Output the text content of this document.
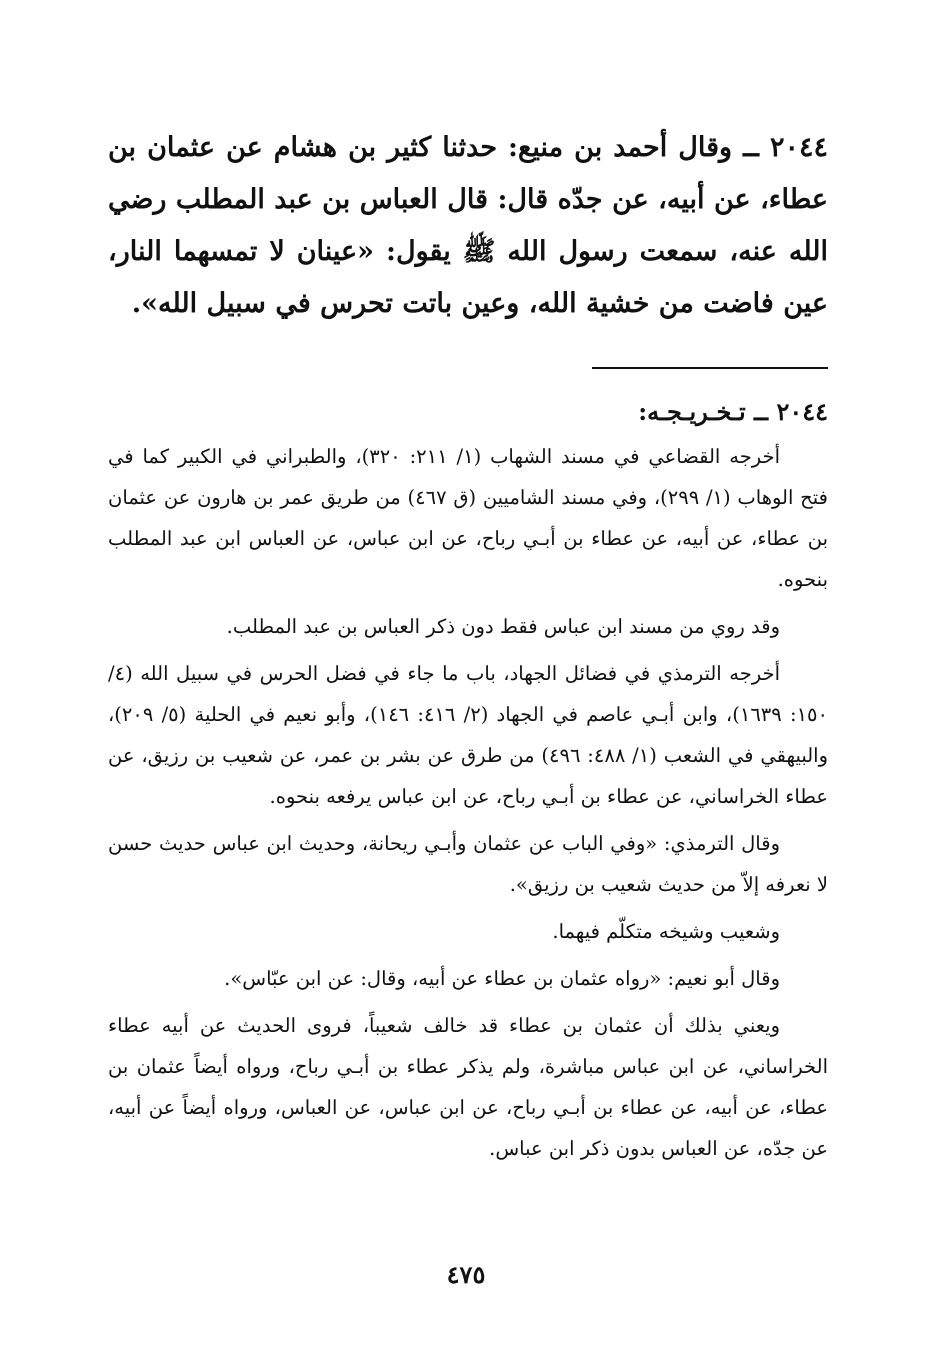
٢٠٤٤ ــ وقال أحمد بن منيع: حدثنا كثير بن هشام عن عثمان بن عطاء، عن أبيه، عن جدّه قال: قال العباس بن عبد المطلب رضي الله عنه، سمعت رسول الله ﷺ يقول: «عينان لا تمسهما النار، عين فاضت من خشية الله، وعين باتت تحرس في سبيل الله».

٢٠٤٤ ــ تـخـريـجـه:

أخرجه القضاعي في مسند الشهاب (١/ ٢١١: ٣٢٠)، والطبراني في الكبير كما في فتح الوهاب (١/ ٢٩٩)، وفي مسند الشاميين (ق ٤٦٧) من طريق عمر بن هارون عن عثمان بن عطاء، عن أبيه، عن عطاء بن أبـي رباح، عن ابن عباس، عن العباس ابن عبد المطلب بنحوه.

وقد روي من مسند ابن عباس فقط دون ذكر العباس بن عبد المطلب.

أخرجه الترمذي في فضائل الجهاد، باب ما جاء في فضل الحرس في سبيل الله (٤/ ١٥٠: ١٦٣٩)، وابن أبـي عاصم في الجهاد (٢/ ٤١٦: ١٤٦)، وأبو نعيم في الحلية (٥/ ٢٠٩)، والبيهقي في الشعب (١/ ٤٨٨: ٤٩٦) من طرق عن بشر بن عمر، عن شعيب بن رزيق، عن عطاء الخراساني، عن عطاء بن أبـي رباح، عن ابن عباس يرفعه بنحوه.

وقال الترمذي: «وفي الباب عن عثمان وأبـي ريحانة، وحديث ابن عباس حديث حسن لا نعرفه إلاّ من حديث شعيب بن رزيق».

وشعيب وشيخه متكلّم فيهما.

وقال أبو نعيم: «رواه عثمان بن عطاء عن أبيه، وقال: عن ابن عبّاس».

ويعني بذلك أن عثمان بن عطاء قد خالف شعيباً، فروى الحديث عن أبيه عطاء الخراساني، عن ابن عباس مباشرة، ولم يذكر عطاء بن أبـي رباح، ورواه أيضاً عثمان بن عطاء، عن أبيه، عن عطاء بن أبـي رباح، عن ابن عباس، عن العباس، ورواه أيضاً عن أبيه، عن جدّه، عن العباس بدون ذكر ابن عباس.

٤٧٥
